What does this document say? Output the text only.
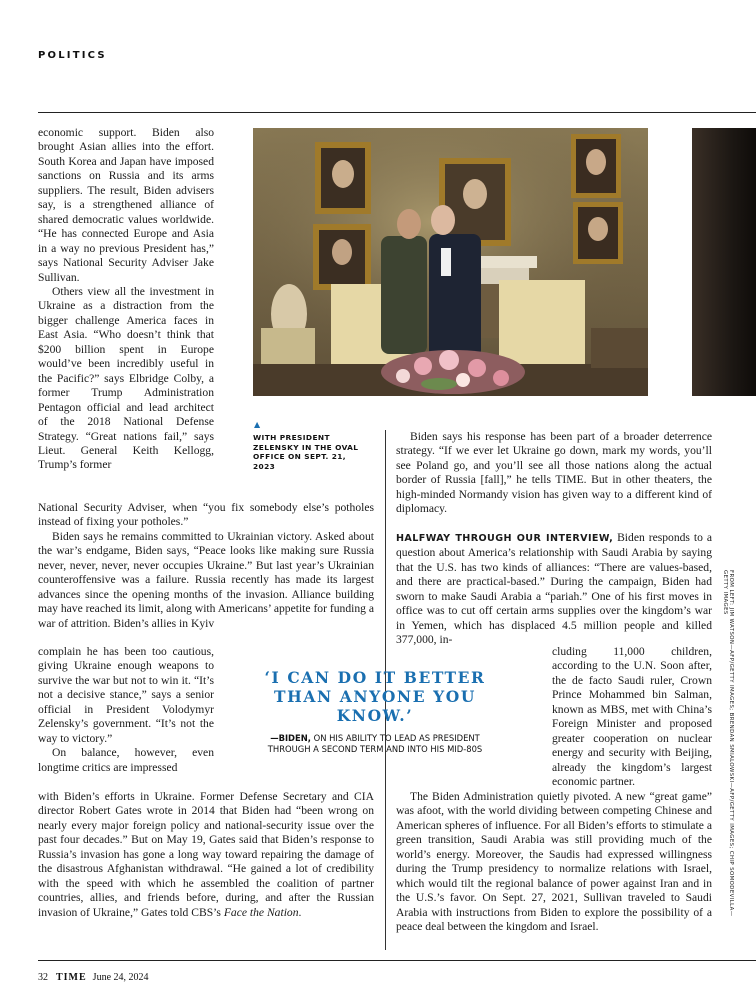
POLITICS

economic support. Biden also brought Asian allies into the effort. South Korea and Japan have imposed sanctions on Russia and its arms suppliers. The result, Biden advisers say, is a strengthened alliance of shared democratic values worldwide. “He has connected Europe and Asia in a way no previous President has,” says National Security Adviser Jake Sullivan.

Others view all the investment in Ukraine as a distraction from the bigger challenge America faces in East Asia. “Who doesn’t think that $200 billion spent in Europe would’ve been incredibly useful in the Pacific?” says Elbridge Colby, a former Trump Administration Pentagon official and lead architect of the 2018 National Defense Strategy. “Great nations fail,” says Lieut. General Keith Kellogg, Trump’s former

National Security Adviser, when “you fix somebody else’s potholes instead of fixing your potholes.”

Biden says he remains committed to Ukrainian victory. Asked about the war’s endgame, Biden says, “Peace looks like making sure Russia never, never, never, never occupies Ukraine.” But last year’s Ukrainian counteroffensive was a failure. Russia recently has made its largest advances since the opening months of the invasion. Alliance building may have reached its limit, along with Americans’ appetite for funding a war of attrition. Biden’s allies in Kyiv

complain he has been too cautious, giving Ukraine enough weapons to survive the war but not to win it. “It’s not a decisive stance,” says a senior official in President Volodymyr Zelensky’s government. “It’s not the way to victory.”

On balance, however, even longtime critics are impressed

with Biden’s efforts in Ukraine. Former Defense Secretary and CIA director Robert Gates wrote in 2014 that Biden had “been wrong on nearly every major foreign policy and national-security issue over the past four decades.” But on May 19, Gates said that Biden’s response to Russia’s invasion has gone a long way toward repairing the damage of the disastrous Afghanistan withdrawal. “He gained a lot of credibility with the speed with which he assembled the coalition of partner countries, allies, and friends before, during, and after the Russian invasion of Ukraine,” Gates told CBS’s Face the Nation.

▲
WITH PRESIDENT ZELENSKY IN THE OVAL OFFICE ON SEPT. 21, 2023

Biden says his response has been part of a broader deterrence strategy. “If we ever let Ukraine go down, mark my words, you’ll see Poland go, and you’ll see all those nations along the actual border of Russia [fall],” he tells TIME. But in other theaters, the high-minded Normandy vision has given way to a different kind of diplomacy.

HALFWAY THROUGH OUR INTERVIEW, Biden responds to a question about America’s relationship with Saudi Arabia by saying that the U.S. has two kinds of alliances: “There are values-based, and there are practical-based.” During the campaign, Biden had sworn to make Saudi Arabia a “pariah.” One of his first moves in office was to cut off certain arms supplies over the kingdom’s war in Yemen, which has displaced 4.5 million people and killed 377,000, in-

cluding 11,000 children, according to the U.N. Soon after, the de facto Saudi ruler, Crown Prince Mohammed bin Salman, known as MBS, met with China’s Foreign Minister and proposed greater cooperation on nuclear energy and security with Beijing, already the kingdom’s largest economic partner.

The Biden Administration quietly pivoted. A new “great game” was afoot, with the world dividing between competing Chinese and American spheres of influence. For all Biden’s efforts to stimulate a green transition, Saudi Arabia was still providing much of the world’s energy. Moreover, the Saudis had expressed willingness during the Trump presidency to normalize relations with Israel, which would tilt the regional balance of power against Iran and in the U.S.’s favor. On Sept. 27, 2021, Sullivan traveled to Saudi Arabia with instructions from Biden to explore the possibility of a peace deal between the kingdom and Israel.

‘I CAN DO IT BETTER THAN ANYONE YOU KNOW.’
—BIDEN, ON HIS ABILITY TO LEAD AS PRESIDENT THROUGH A SECOND TERM AND INTO HIS MID-80S	FROM LEFT: JIM WATSON—AFP/GETTY IMAGES; BRENDAN SMIALOWSKI—AFP/GETTY IMAGES; CHIP SOMODEVILLA—GETTY IMAGES
32 TIME June 24, 2024
